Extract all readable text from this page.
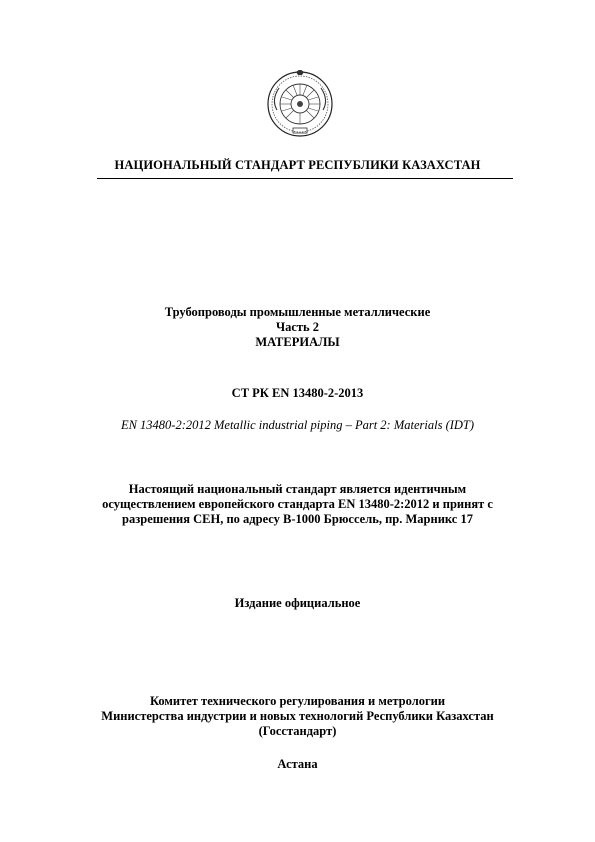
НАЦИОНАЛЬНЫЙ СТАНДАРТ РЕСПУБЛИКИ КАЗАХСТАН
Трубопроводы промышленные металлические
Часть 2
МАТЕРИАЛЫ
СТ РК EN 13480-2-2013
EN 13480-2:2012 Metallic industrial piping – Part 2: Materials (IDT)
Настоящий национальный стандарт является идентичным
осуществлением европейского стандарта EN 13480-2:2012 и принят с
разрешения СЕН, по адресу В-1000 Брюссель, пр. Марникс 17
Издание официальное
Комитет технического регулирования и метрологии
Министерства индустрии и новых технологий Республики Казахстан
(Госстандарт)
Астана
